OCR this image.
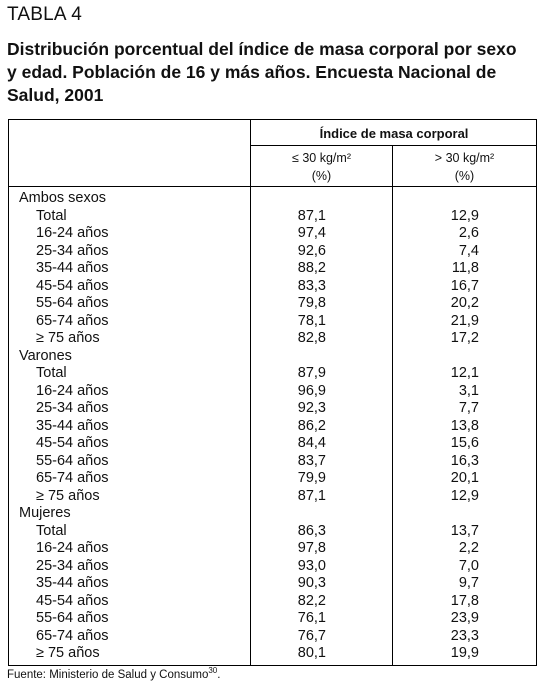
TABLA 4
Distribución porcentual del índice de masa corporal por sexo y edad. Población de 16 y más años. Encuesta Nacional de Salud, 2001
Índice de masa corporal
≤ 30 kg/m²
(%)
> 30 kg/m²
(%)
Ambos sexos
Total	87,1	12,9
16-24 años	97,4	2,6
25-34 años	92,6	7,4
35-44 años	88,2	11,8
45-54 años	83,3	16,7
55-64 años	79,8	20,2
65-74 años	78,1	21,9
≥ 75 años	82,8	17,2
Varones
Total	87,9	12,1
16-24 años	96,9	3,1
25-34 años	92,3	7,7
35-44 años	86,2	13,8
45-54 años	84,4	15,6
55-64 años	83,7	16,3
65-74 años	79,9	20,1
≥ 75 años	87,1	12,9
Mujeres
Total	86,3	13,7
16-24 años	97,8	2,2
25-34 años	93,0	7,0
35-44 años	90,3	9,7
45-54 años	82,2	17,8
55-64 años	76,1	23,9
65-74 años	76,7	23,3
≥ 75 años	80,1	19,9
Fuente: Ministerio de Salud y Consumo$^{30}$.
